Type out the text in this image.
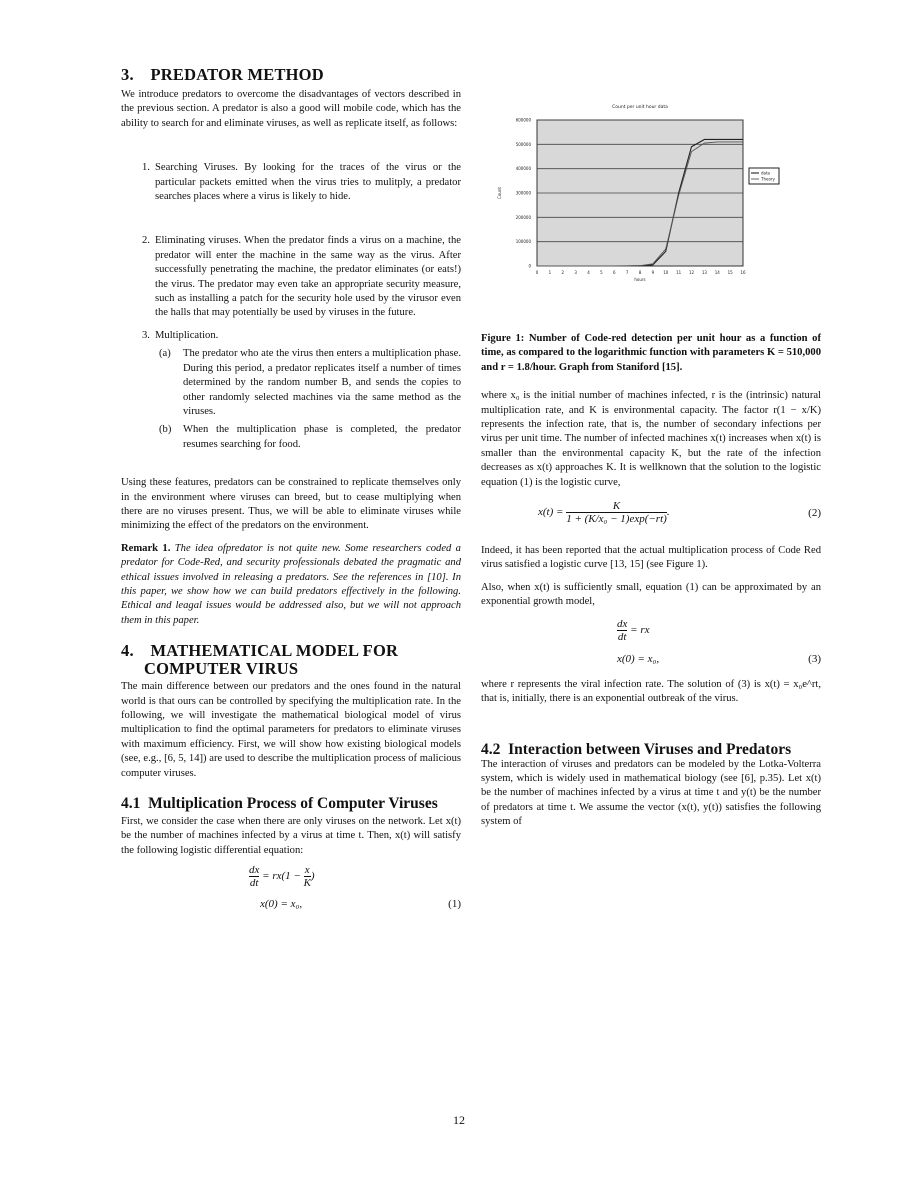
3. PREDATOR METHOD

We introduce predators to overcome the disadvantages of vectors described in the previous section. A predator is also a good will mobile code, which has the ability to search for and eliminate viruses, as well as replicate itself, as follows:

1. Searching Viruses. By looking for the traces of the virus or the particular packets emitted when the virus tries to mulitply, a predator searches places where a virus is likely to hide.
2. Eliminating viruses. When the predator finds a virus on a machine, the predator will enter the machine in the same way as the virus. After successfully penetrating the machine, the predator eliminates (or eats!) the virus. The predator may even take an appropriate security measure, such as installing a patch for the security hole used by the virusor even the halls that may potentially be used by viruses in the future.
3. Multiplication.
(a) The predator who ate the virus then enters a multiplication phase. During this period, a predator replicates itself a number of times determined by the random number B, and sends the copies to other randomly selected machines via the same method as the viruses.
(b) When the multiplication phase is completed, the predator resumes searching for food.

Using these features, predators can be constrained to replicate themselves only in the environment where viruses can breed, but to cease multiplying when there are no viruses present. Thus, we will be able to eliminate viruses while minimizing the effect of the predators on the environment.

Remark 1. The idea ofpredator is not quite new. Some researchers coded a predator for Code-Red, and security professionals debated the pragmatic and ethical issues involved in releasing a predators. See the references in [10]. In this paper, we show how we can build predators effectively in the following. Ethical and leagal issues would be addressed also, but we will not approach them in this paper.

4. MATHEMATICAL MODEL FOR COMPUTER VIRUS

The main difference between our predators and the ones found in the natural world is that ours can be controlled by specifying the multiplication rate. In the following, we will investigate the mathematical biological model of virus multiplication to find the optimal parameters for predators to eliminate viruses with maximum efficiency. First, we will show how existing biological models (see, e.g., [6, 5, 14]) are used to describe the multiplication process of malicious computer viruses.

4.1 Multiplication Process of Computer Viruses

First, we consider the case when there are only viruses on the network. Let x(t) be the number of machines infected by a virus at time t. Then, x(t) will satisfy the following logistic differential equation:

$\frac{dx}{dt} = rx(1 - \frac{x}{K}$ )
x(0) = x₀,	(1)
Count per unit hour data
0
100000
200000
300000
400000
500000
600000
0	1	2	3	4	5	6	7	8	9 10 11 12 13 14 15 16
hours
Count
data
Theory

Figure 1: Number of Code-red detection per unit hour as a function of time, as compared to the logarithmic function with parameters K = 510,000 and r = 1.8/hour. Graph from Staniford [15].

where x₀ is the initial number of machines infected, r is the (intrinsic) natural multiplication rate, and K is environmental capacity. The factor r(1 − x/K) represents the infection rate, that is, the number of secondary infections per virus per unit time. The number of infected machines x(t) increases when x(t) is smaller than the environmental capacity K, but the rate of the infection decreases as x(t) approaches K. It is wellknown that the solution to the logistic equation (1) is the logistic curve,

$x(t) = \frac{K}{\text{1 + (K/x₀ − 1)exp(−rt)}}$ .	(2)

Indeed, it has been reported that the actual multiplication process of Code Red virus satisfied a logistic curve [13, 15] (see Figure 1).

Also, when x(t) is sufficiently small, equation (1) can be approximated by an exponential growth model,

$\frac{dx}{dt}$ = rx
x(0) = x₀,	(3)

where r represents the viral infection rate. The solution of (3) is x(t) = x₀e^rt, that is, initially, there is an exponential outbreak of the virus.

4.2 Interaction between Viruses and Predators

The interaction of viruses and predators can be modeled by the Lotka-Volterra system, which is widely used in mathematical biology (see [6], p.35). Let x(t) be the number of machines infected by a virus at time t and y(t) be the number of predators at time t. We assume the vector (x(t), y(t)) satisfies the following system of

12
